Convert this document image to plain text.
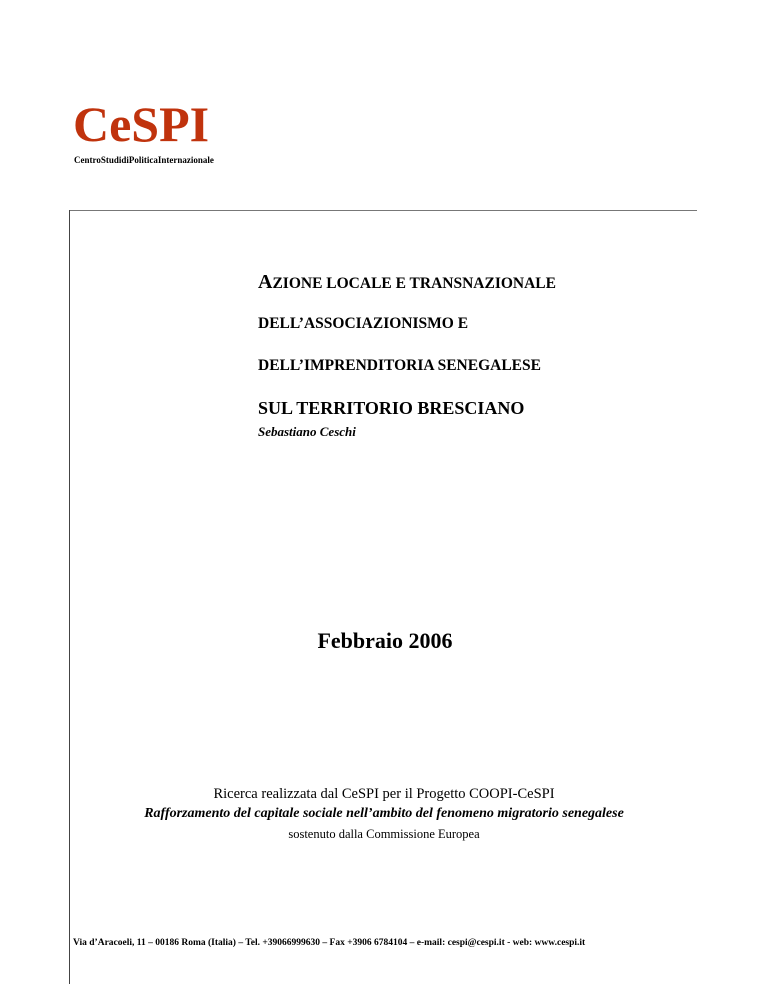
CeSPI
CentroStudidiPoliticaInternazionale
AZIONE LOCALE E TRANSNAZIONALE
DELL’ASSOCIAZIONISMO E
DELL’IMPRENDITORIA SENEGALESE
SUL TERRITORIO BRESCIANO
Sebastiano Ceschi
Febbraio 2006
Ricerca realizzata dal CeSPI per il Progetto COOPI-CeSPI
Rafforzamento del capitale sociale nell’ambito del fenomeno migratorio senegalese
sostenuto dalla Commissione Europea
Via d’Aracoeli, 11 – 00186 Roma (Italia) – Tel. +39066999630 – Fax +3906 6784104 – e-mail: cespi@cespi.it - web: www.cespi.it
